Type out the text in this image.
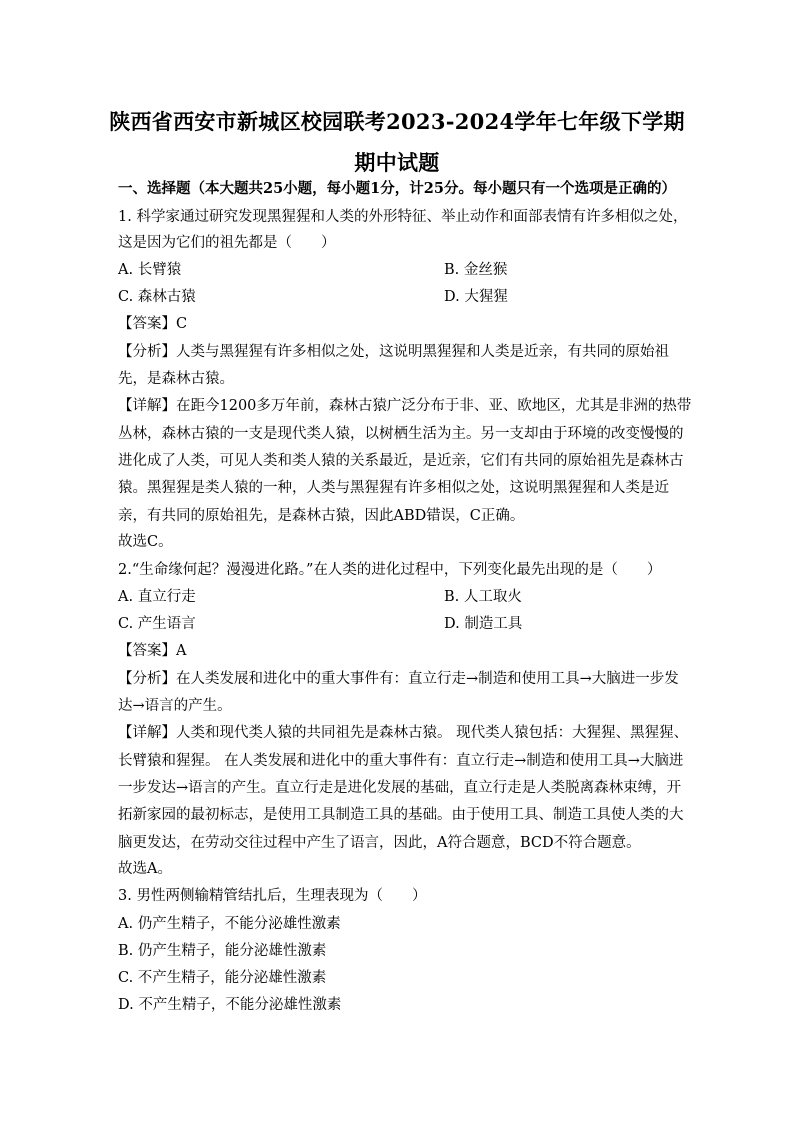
陕西省西安市新城区校园联考2023-2024学年七年级下学期
期中试题
一、选择题（本大题共25小题，每小题1分，计25分。每小题只有一个选项是正确的）
1. 科学家通过研究发现黑猩猩和人类的外形特征、举止动作和面部表情有许多相似之处，
这是因为它们的祖先都是（　　）
A. 长臂猿	B. 金丝猴
C. 森林古猿	D. 大猩猩
【答案】C
【分析】人类与黑猩猩有许多相似之处，这说明黑猩猩和人类是近亲，有共同的原始祖
先，是森林古猿。
【详解】在距今1200多万年前，森林古猿广泛分布于非、亚、欧地区，尤其是非洲的热带
丛林，森林古猿的一支是现代类人猿，以树栖生活为主。另一支却由于环境的改变慢慢的
进化成了人类，可见人类和类人猿的关系最近，是近亲，它们有共同的原始祖先是森林古
猿。黑猩猩是类人猿的一种，人类与黑猩猩有许多相似之处，这说明黑猩猩和人类是近
亲，有共同的原始祖先，是森林古猿，因此ABD错误，C正确。
故选C。
2.“生命缘何起？漫漫进化路。”在人类的进化过程中，下列变化最先出现的是（　　）
A. 直立行走	B. 人工取火
C. 产生语言	D. 制造工具
【答案】A
【分析】在人类发展和进化中的重大事件有：直立行走→制造和使用工具→大脑进一步发
达→语言的产生。
【详解】人类和现代类人猿的共同祖先是森林古猿。 现代类人猿包括：大猩猩、黑猩猩、
长臂猿和猩猩。 在人类发展和进化中的重大事件有：直立行走→制造和使用工具→大脑进
一步发达→语言的产生。直立行走是进化发展的基础，直立行走是人类脱离森林束缚，开
拓新家园的最初标志，是使用工具制造工具的基础。由于使用工具、制造工具使人类的大
脑更发达，在劳动交往过程中产生了语言，因此，A符合题意，BCD不符合题意。
故选A。
3. 男性两侧输精管结扎后，生理表现为（　　）
A. 仍产生精子，不能分泌雄性激素
B. 仍产生精子，能分泌雄性激素
C. 不产生精子，能分泌雄性激素
D. 不产生精子，不能分泌雄性激素
